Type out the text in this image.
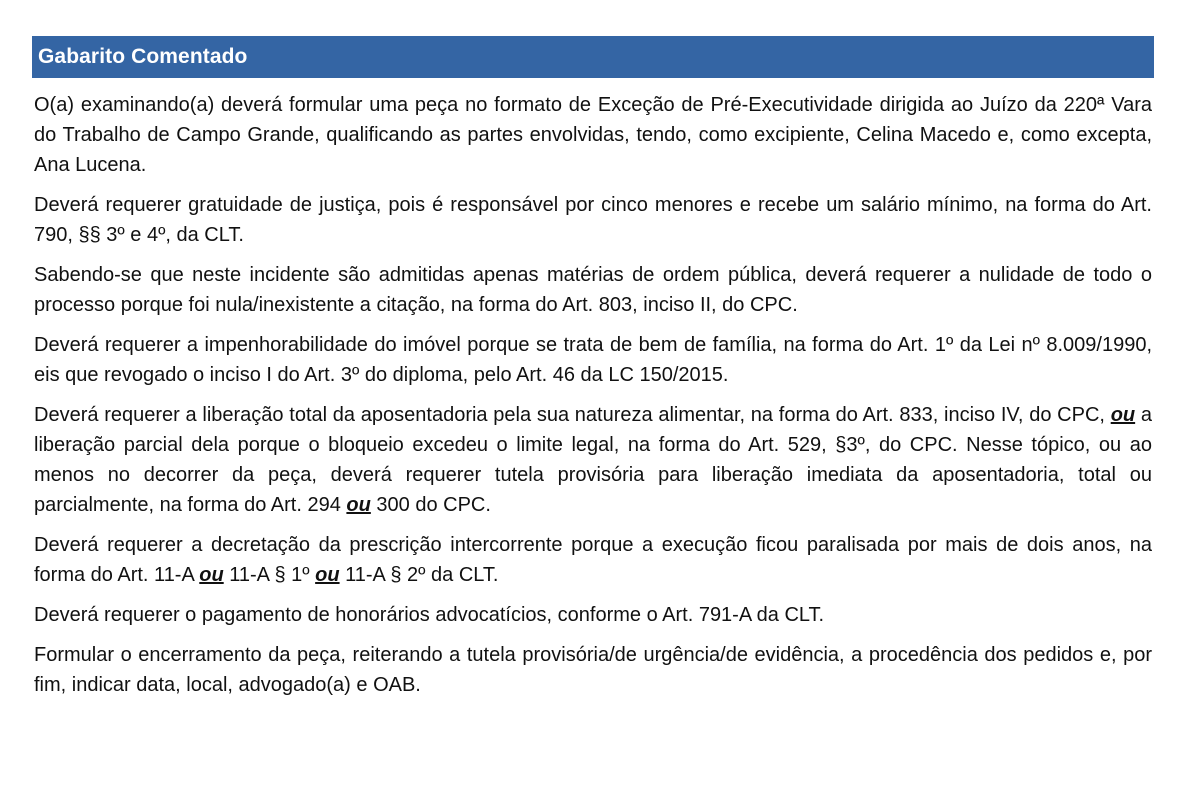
Gabarito Comentado

O(a) examinando(a) deverá formular uma peça no formato de Exceção de Pré-Executividade dirigida ao Juízo da 220ª Vara do Trabalho de Campo Grande, qualificando as partes envolvidas, tendo, como excipiente, Celina Macedo e, como excepta, Ana Lucena.

Deverá requerer gratuidade de justiça, pois é responsável por cinco menores e recebe um salário mínimo, na forma do Art. 790, §§ 3º e 4º, da CLT.

Sabendo-se que neste incidente são admitidas apenas matérias de ordem pública, deverá requerer a nulidade de todo o processo porque foi nula/inexistente a citação, na forma do Art. 803, inciso II, do CPC.

Deverá requerer a impenhorabilidade do imóvel porque se trata de bem de família, na forma do Art. 1º da Lei nº 8.009/1990, eis que revogado o inciso I do Art. 3º do diploma, pelo Art. 46 da LC 150/2015.

Deverá requerer a liberação total da aposentadoria pela sua natureza alimentar, na forma do Art. 833, inciso IV, do CPC, ou a liberação parcial dela porque o bloqueio excedeu o limite legal, na forma do Art. 529, §3º, do CPC. Nesse tópico, ou ao menos no decorrer da peça, deverá requerer tutela provisória para liberação imediata da aposentadoria, total ou parcialmente, na forma do Art. 294 ou 300 do CPC.

Deverá requerer a decretação da prescrição intercorrente porque a execução ficou paralisada por mais de dois anos, na forma do Art. 11-A ou 11-A § 1º ou 11-A § 2º da CLT.

Deverá requerer o pagamento de honorários advocatícios, conforme o Art. 791-A da CLT.

Formular o encerramento da peça, reiterando a tutela provisória/de urgência/de evidência, a procedência dos pedidos e, por fim, indicar data, local, advogado(a) e OAB.
